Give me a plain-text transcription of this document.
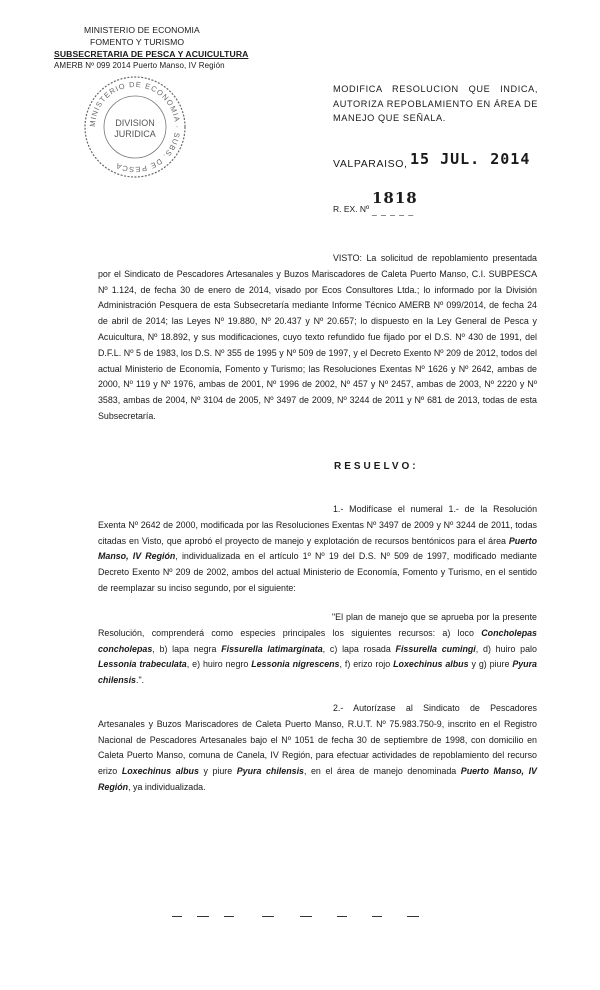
MINISTERIO DE ECONOMIA
FOMENTO Y TURISMO
SUBSECRETARIA DE PESCA Y ACUICULTURA
AMERB Nº 099 2014 Puerto Manso, IV Región
MINISTERIO DE ECONOMIA · SUBS. DE PESCA
DIVISION
JURIDICA
MODIFICA RESOLUCION QUE INDICA, AUTORIZA REPOBLAMIENTO EN ÁREA DE MANEJO QUE SEÑALA.
VALPARAISO, 15 JUL. 2014
R. EX. Nº
1818
_ _ _ _ _
VISTO: La solicitud de repoblamiento presentada por el Sindicato de Pescadores Artesanales y Buzos Mariscadores de Caleta Puerto Manso, C.I. SUBPESCA Nº 1.124, de fecha 30 de enero de 2014, visado por Ecos Consultores Ltda.; lo informado por la División Administración Pesquera de esta Subsecretaría mediante Informe Técnico AMERB Nº 099/2014, de fecha 24 de abril de 2014; las Leyes Nº 19.880, Nº 20.437 y Nº 20.657; lo dispuesto en la Ley General de Pesca y Acuicultura, Nº 18.892, y sus modificaciones, cuyo texto refundido fue fijado por el D.S. Nº 430 de 1991, del D.F.L. Nº 5 de 1983, los D.S. Nº 355 de 1995 y Nº 509 de 1997, y el Decreto Exento Nº 209 de 2012, todos del actual Ministerio de Economía, Fomento y Turismo; las Resoluciones Exentas Nº 1626 y Nº 2642, ambas de 2000, Nº 119 y Nº 1976, ambas de 2001, Nº 1996 de 2002, Nº 457 y Nº 2457, ambas de 2003, Nº 2220 y Nº 3583, ambas de 2004, Nº 3104 de 2005, Nº 3497 de 2009, Nº 3244 de 2011 y Nº 681 de 2013, todas de esta Subsecretaría.
RESUELVO:
1.- Modifícase el numeral 1.- de la Resolución Exenta Nº 2642 de 2000, modificada por las Resoluciones Exentas Nº 3497 de 2009 y Nº 3244 de 2011, todas citadas en Visto, que aprobó el proyecto de manejo y explotación de recursos bentónicos para el área Puerto Manso, IV Región, individualizada en el artículo 1º Nº 19 del D.S. Nº 509 de 1997, modificado mediante Decreto Exento Nº 209 de 2002, ambos del actual Ministerio de Economía, Fomento y Turismo, en el sentido de reemplazar su inciso segundo, por el siguiente:
"El plan de manejo que se aprueba por la presente Resolución, comprenderá como especies principales los siguientes recursos: a) loco Concholepas concholepas, b) lapa negra Fissurella latimarginata, c) lapa rosada Fissurella cumingi, d) huiro palo Lessonia trabeculata, e) huiro negro Lessonia nigrescens, f) erizo rojo Loxechinus albus y g) piure Pyura chilensis.".
2.- Autorízase al Sindicato de Pescadores Artesanales y Buzos Mariscadores de Caleta Puerto Manso, R.U.T. Nº 75.983.750-9, inscrito en el Registro Nacional de Pescadores Artesanales bajo el Nº 1051 de fecha 30 de septiembre de 1998, con domicilio en Caleta Puerto Manso, comuna de Canela, IV Región, para efectuar actividades de repoblamiento del recurso erizo Loxechinus albus y piure Pyura chilensis, en el área de manejo denominada Puerto Manso, IV Región, ya individualizada.
